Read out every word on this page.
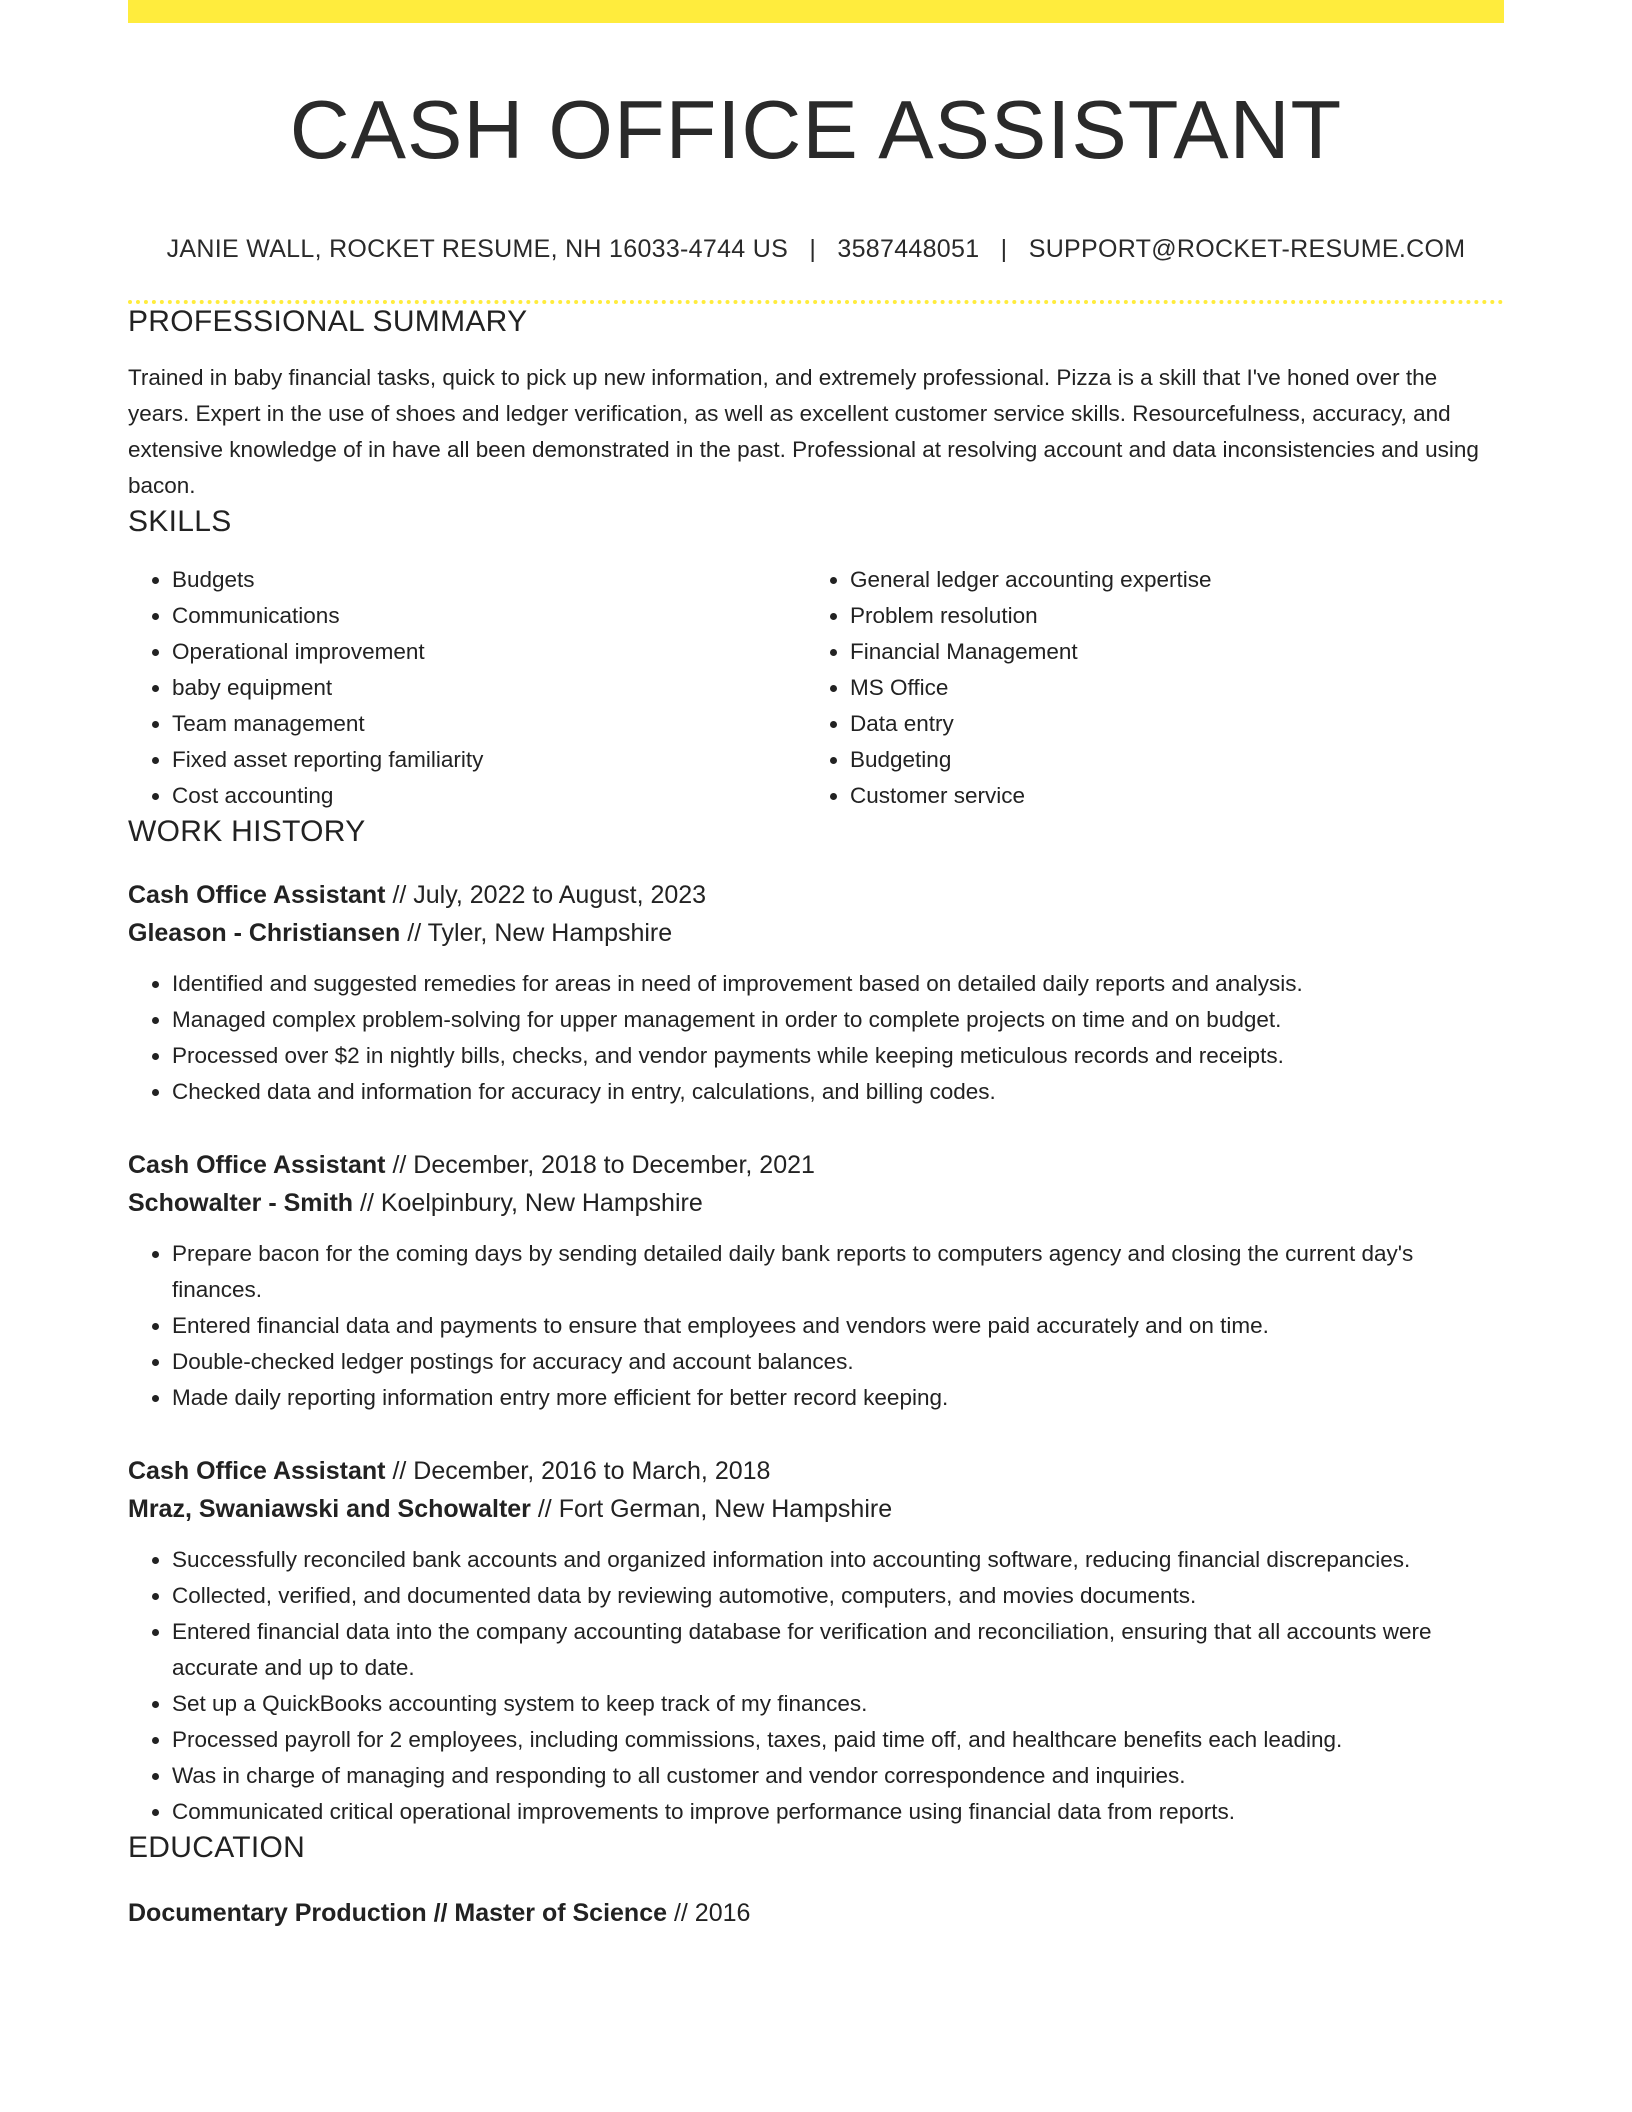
CASH OFFICE ASSISTANT
JANIE WALL, ROCKET RESUME, NH 16033-4744 US | 3587448051 | SUPPORT@ROCKET-RESUME.COM
PROFESSIONAL SUMMARY

Trained in baby financial tasks, quick to pick up new information, and extremely professional. Pizza is a skill that I've honed over the years. Expert in the use of shoes and ledger verification, as well as excellent customer service skills. Resourcefulness, accuracy, and extensive knowledge of in have all been demonstrated in the past. Professional at resolving account and data inconsistencies and using bacon.

SKILLS
• Budgets
• Communications
• Operational improvement
• baby equipment
• Team management
• Fixed asset reporting familiarity
• Cost accounting
• General ledger accounting expertise
• Problem resolution
• Financial Management
• MS Office
• Data entry
• Budgeting
• Customer service
WORK HISTORY
Cash Office Assistant // July, 2022 to August, 2023
Gleason - Christiansen // Tyler, New Hampshire
• Identified and suggested remedies for areas in need of improvement based on detailed daily reports and analysis.
• Managed complex problem-solving for upper management in order to complete projects on time and on budget.
• Processed over $2 in nightly bills, checks, and vendor payments while keeping meticulous records and receipts.
• Checked data and information for accuracy in entry, calculations, and billing codes.
Cash Office Assistant // December, 2018 to December, 2021
Schowalter - Smith // Koelpinbury, New Hampshire
• Prepare bacon for the coming days by sending detailed daily bank reports to computers agency and closing the current day's finances.
• Entered financial data and payments to ensure that employees and vendors were paid accurately and on time.
• Double-checked ledger postings for accuracy and account balances.
• Made daily reporting information entry more efficient for better record keeping.
Cash Office Assistant // December, 2016 to March, 2018
Mraz, Swaniawski and Schowalter // Fort German, New Hampshire
• Successfully reconciled bank accounts and organized information into accounting software, reducing financial discrepancies.
• Collected, verified, and documented data by reviewing automotive, computers, and movies documents.
• Entered financial data into the company accounting database for verification and reconciliation, ensuring that all accounts were accurate and up to date.
• Set up a QuickBooks accounting system to keep track of my finances.
• Processed payroll for 2 employees, including commissions, taxes, paid time off, and healthcare benefits each leading.
• Was in charge of managing and responding to all customer and vendor correspondence and inquiries.
• Communicated critical operational improvements to improve performance using financial data from reports.
EDUCATION
Documentary Production // Master of Science // 2016
